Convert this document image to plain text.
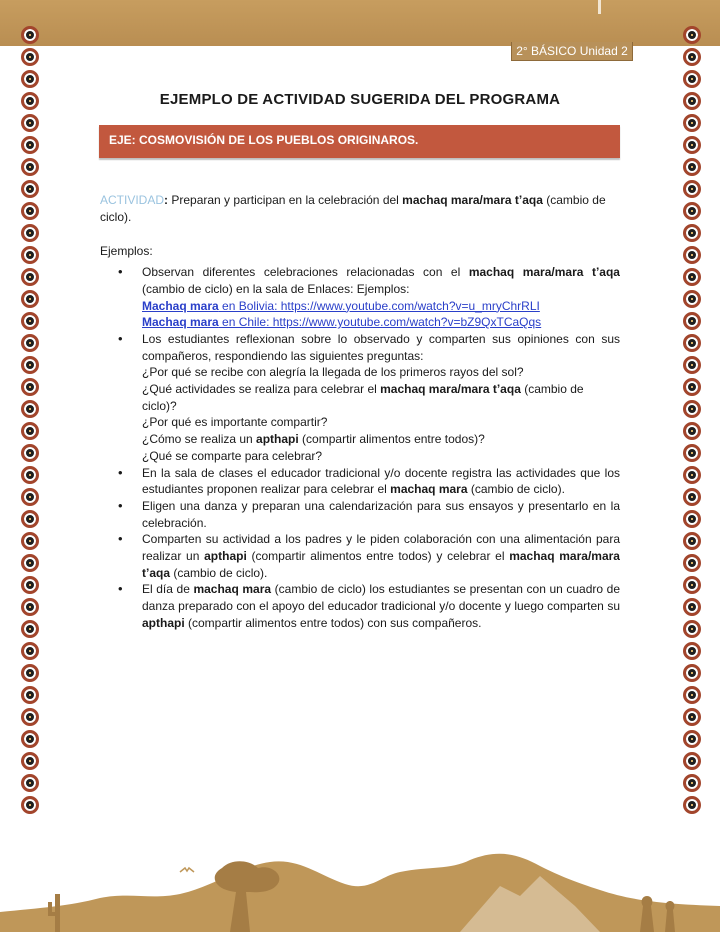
2° BÁSICO Unidad 2
EJEMPLO DE ACTIVIDAD SUGERIDA DEL PROGRAMA
EJE: COSMOVISIÓN DE LOS PUEBLOS ORIGINAROS.

ACTIVIDAD: Preparan y participan en la celebración del machaq mara/mara t’aqa (cambio de ciclo).

Ejemplos:

• Observan diferentes celebraciones relacionadas con el machaq mara/mara t’aqa (cambio de ciclo) en la sala de Enlaces: Ejemplos:
Machaq mara en Bolivia: https://www.youtube.com/watch?v=u_mryChrRLI
Machaq mara en Chile: https://www.youtube.com/watch?v=bZ9QxTCaQqs
• Los estudiantes reflexionan sobre lo observado y comparten sus opiniones con sus compañeros, respondiendo las siguientes preguntas:
¿Por qué se recibe con alegría la llegada de los primeros rayos del sol?
¿Qué actividades se realiza para celebrar el machaq mara/mara t’aqa (cambio de ciclo)?
¿Por qué es importante compartir?
¿Cómo se realiza un apthapi (compartir alimentos entre todos)?
¿Qué se comparte para celebrar?
• En la sala de clases el educador tradicional y/o docente registra las actividades que los estudiantes proponen realizar para celebrar el machaq mara (cambio de ciclo).
• Eligen una danza y preparan una calendarización para sus ensayos y presentarlo en la celebración.
• Comparten su actividad a los padres y le piden colaboración con una alimentación para realizar un apthapi (compartir alimentos entre todos) y celebrar el machaq mara/mara t’aqa (cambio de ciclo).
• El día de machaq mara (cambio de ciclo) los estudiantes se presentan con un cuadro de danza preparado con el apoyo del educador tradicional y/o docente y luego comparten su apthapi (compartir alimentos entre todos) con sus compañeros.
